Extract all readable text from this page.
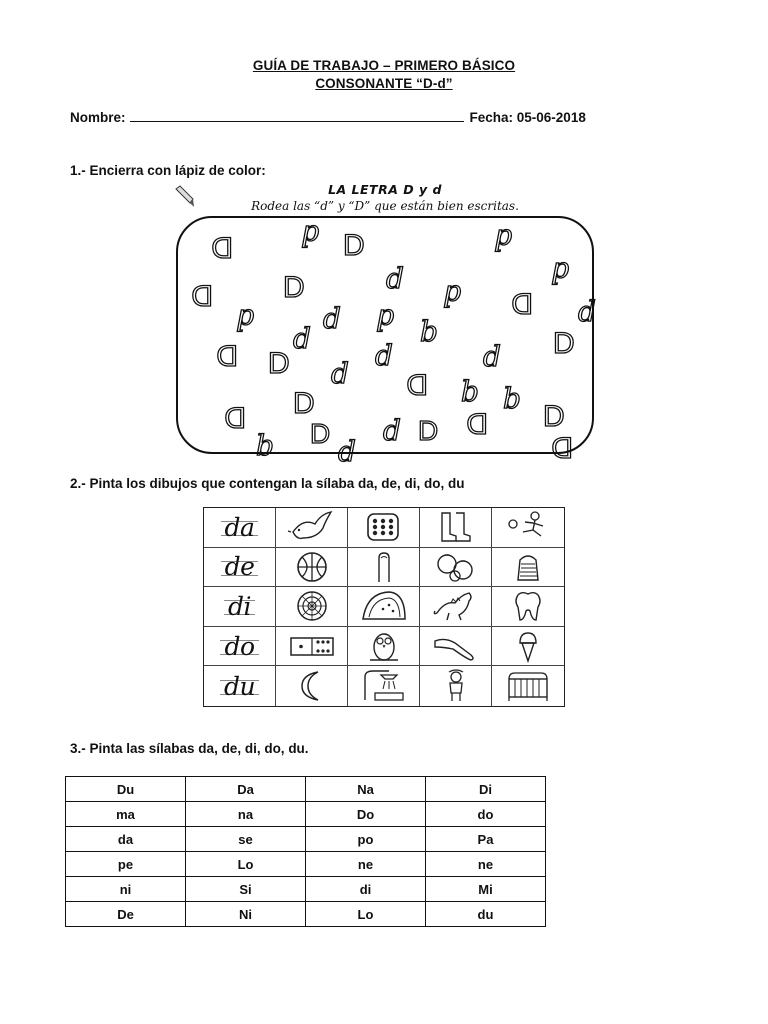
GUÍA DE TRABAJO – PRIMERO BÁSICO
CONSONANTE “D-d”
Nombre:	Fecha: 05-06-2018
1.- Encierra con lápiz de color:
LA LETRA D y d
Rodea las “d” y “D” que están bien escritas.
D d D	d
d
D	d
d
D	D d
d d d b
d	D
D D	d	d
d D b b
D	D
D D d D D
b d	D
2.- Pinta los dibujos que contengan la sílaba da, de, di, do, du
da
de
di
do
du
3.- Pinta las sílabas da, de, di, do, du.
Du	Da	Na	Di
ma	na	Do	do
da	se	po	Pa
pe	Lo	ne	ne
ni	Si	di	Mi
De	Ni	Lo	du
